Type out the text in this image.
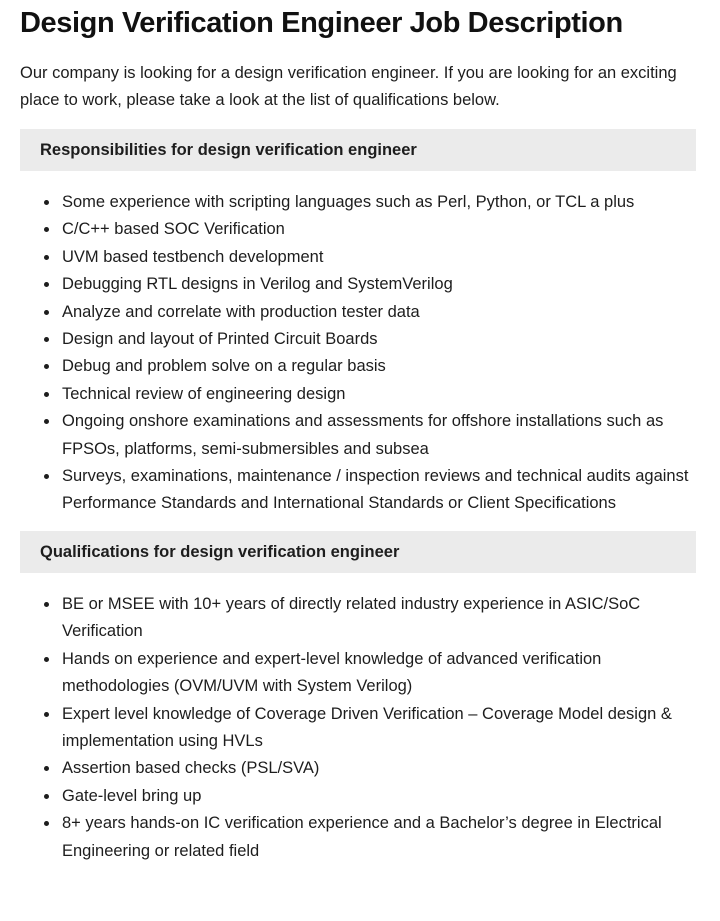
Design Verification Engineer Job Description

Our company is looking for a design verification engineer. If you are looking for an exciting place to work, please take a look at the list of qualifications below.

Responsibilities for design verification engineer
• Some experience with scripting languages such as Perl, Python, or TCL a plus
• C/C++ based SOC Verification
• UVM based testbench development
• Debugging RTL designs in Verilog and SystemVerilog
• Analyze and correlate with production tester data
• Design and layout of Printed Circuit Boards
• Debug and problem solve on a regular basis
• Technical review of engineering design
• Ongoing onshore examinations and assessments for offshore installations such as FPSOs, platforms, semi-submersibles and subsea
• Surveys, examinations, maintenance / inspection reviews and technical audits against Performance Standards and International Standards or Client Specifications
Qualifications for design verification engineer
• BE or MSEE with 10+ years of directly related industry experience in ASIC/SoC Verification
• Hands on experience and expert-level knowledge of advanced verification methodologies (OVM/UVM with System Verilog)
• Expert level knowledge of Coverage Driven Verification – Coverage Model design & implementation using HVLs
• Assertion based checks (PSL/SVA)
• Gate-level bring up
• 8+ years hands-on IC verification experience and a Bachelor’s degree in Electrical Engineering or related field
